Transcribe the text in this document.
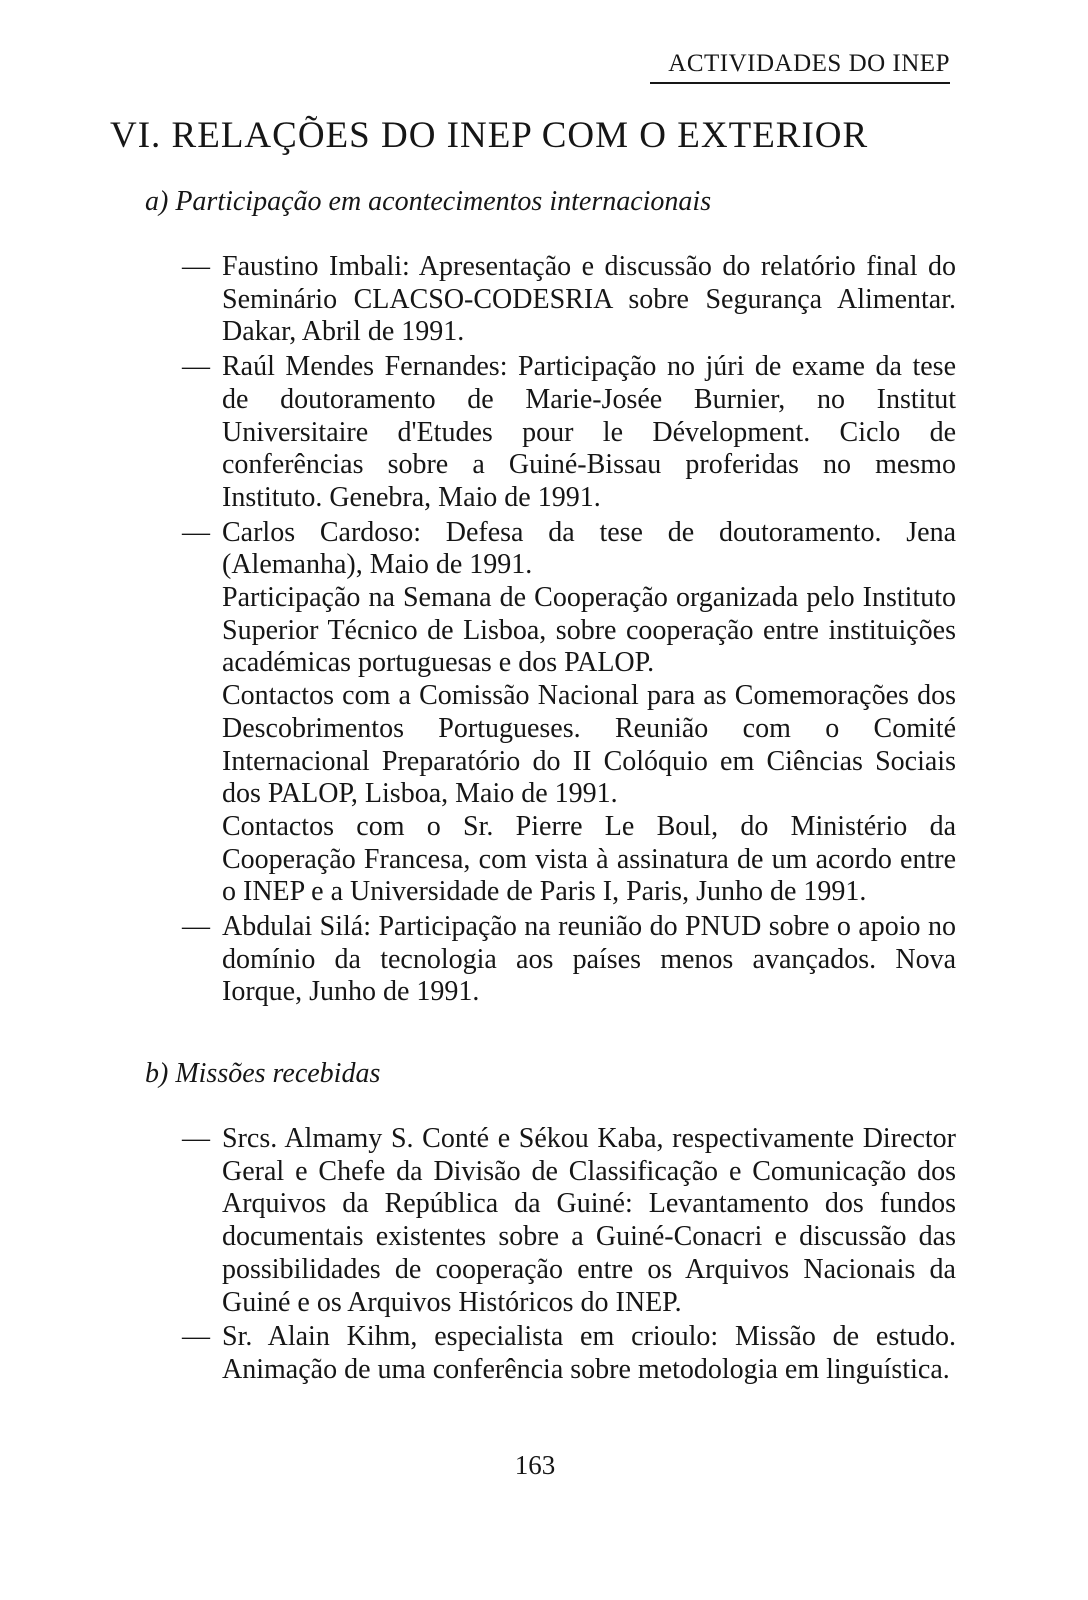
ACTIVIDADES DO INEP
VI. RELAÇÕES DO INEP COM O EXTERIOR
a) Participação em acontecimentos internacionais
— Faustino Imbali: Apresentação e discussão do relatório final do Seminário CLACSO-CODESRIA sobre Segurança Alimentar. Dakar, Abril de 1991.

— Raúl Mendes Fernandes: Participação no júri de exame da tese de doutoramento de Marie-Josée Burnier, no Institut Universitaire d'Etudes pour le Dévelopment. Ciclo de conferências sobre a Guiné-Bissau proferidas no mesmo Instituto. Genebra, Maio de 1991.

— Carlos Cardoso: Defesa da tese de doutoramento. Jena (Alemanha), Maio de 1991.

Participação na Semana de Cooperação organizada pelo Instituto Superior Técnico de Lisboa, sobre cooperação entre instituições académicas portuguesas e dos PALOP.

Contactos com a Comissão Nacional para as Comemorações dos Descobrimentos Portugueses. Reunião com o Comité Internacional Preparatório do II Colóquio em Ciências Sociais dos PALOP, Lisboa, Maio de 1991.

Contactos com o Sr. Pierre Le Boul, do Ministério da Cooperação Francesa, com vista à assinatura de um acordo entre o INEP e a Universidade de Paris I, Paris, Junho de 1991.

— Abdulai Silá: Participação na reunião do PNUD sobre o apoio no domínio da tecnologia aos países menos avançados. Nova Iorque, Junho de 1991.

b) Missões recebidas
— Srcs. Almamy S. Conté e Sékou Kaba, respectivamente Director Geral e Chefe da Divisão de Classificação e Comunicação dos Arquivos da República da Guiné: Levantamento dos fundos documentais existentes sobre a Guiné-Conacri e discussão das possibilidades de cooperação entre os Arquivos Nacionais da Guiné e os Arquivos Históricos do INEP.

— Sr. Alain Kihm, especialista em crioulo: Missão de estudo. Animação de uma conferência sobre metodologia em linguística.

163
